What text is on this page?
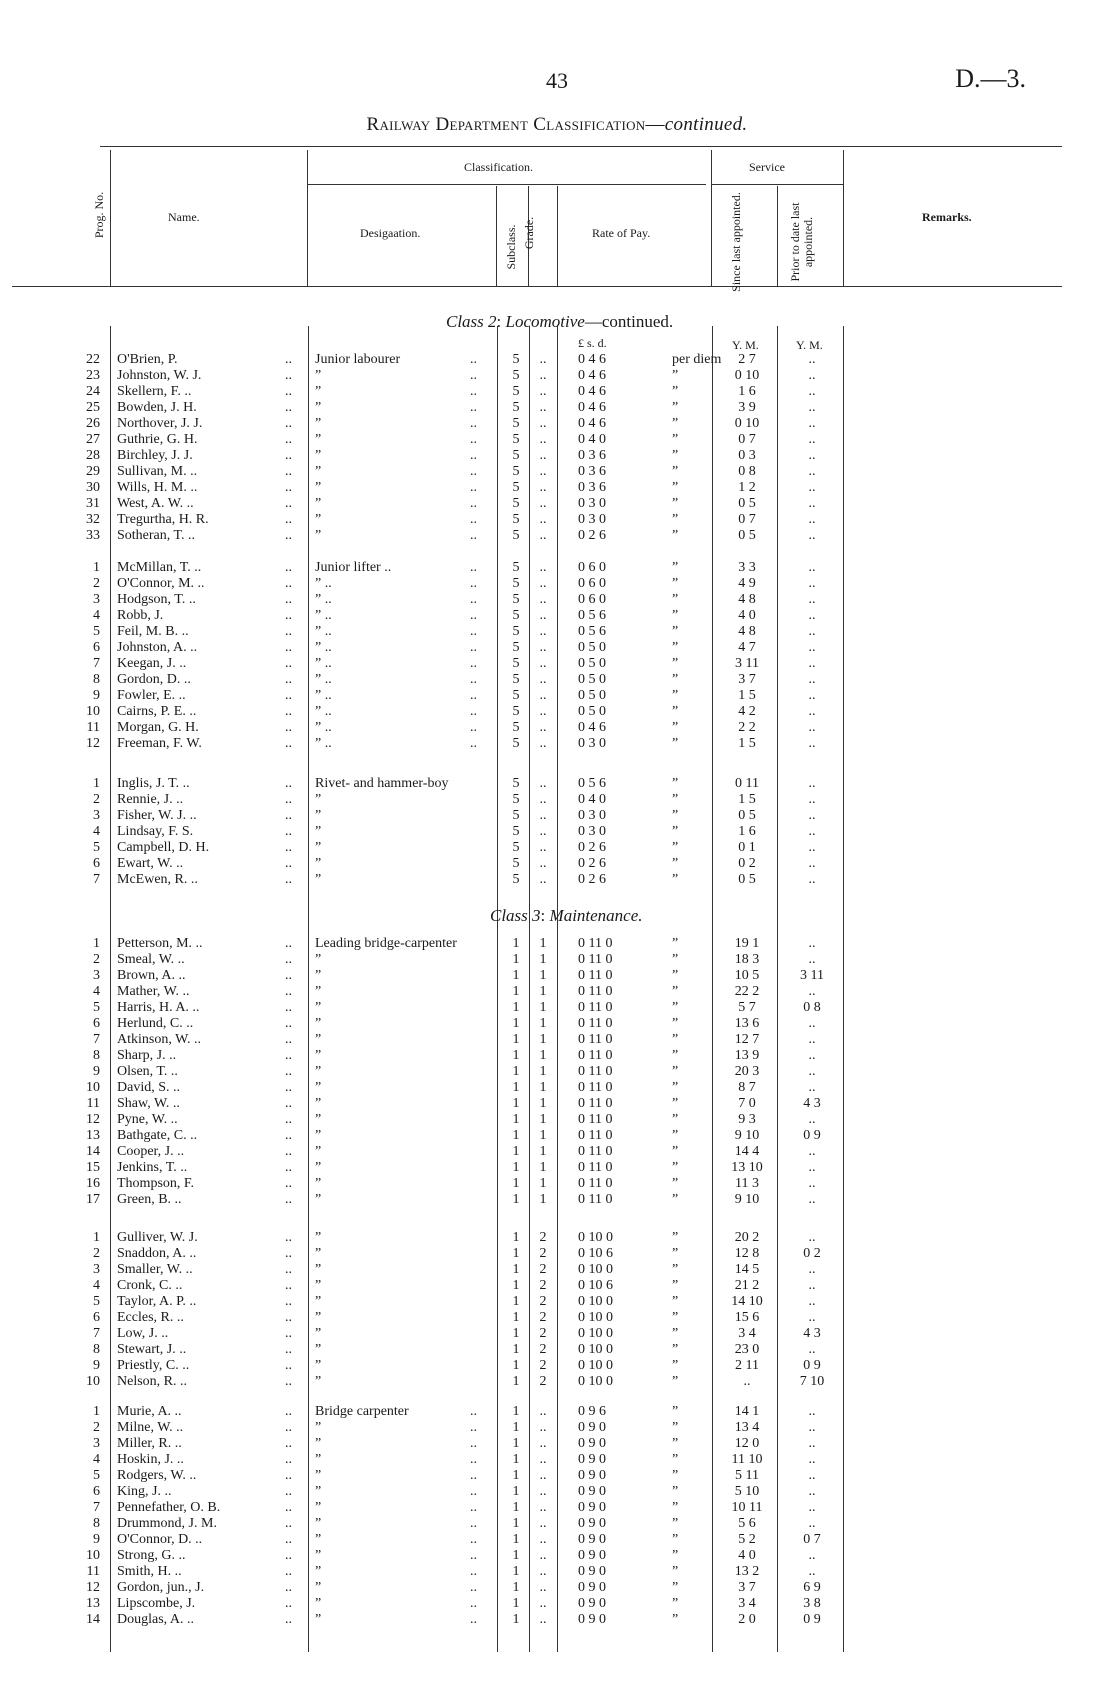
43	D.—3.
Railway Department Classification—continued.
Prog. No.	Name.
Classification.
Desigaation.	Subclass. Grade.	Rate of Pay.
Service
Since last appointed.	Prior to date last appointed.	Remarks.
Class 2: Locomotive—continued.
Class 3: Maintenance.
£ s. d.	Y. M.	Y. M.
22 O'Brien, P.	.. Junior labourer	..	5	..	0 4 6	per diem	2 7	..
23 Johnston, W. J.	.. ”	..	5	..	0 4 6	”	0 10	..
24 Skellern, F. ..	.. ”	..	5	..	0 4 6	”	1 6	..
25 Bowden, J. H.	.. ”	..	5	..	0 4 6	”	3 9	..
26 Northover, J. J.	.. ”	..	5	..	0 4 6	”	0 10	..
27 Guthrie, G. H.	.. ”	..	5	..	0 4 0	”	0 7	..
28 Birchley, J. J.	.. ”	..	5	..	0 3 6	”	0 3	..
29 Sullivan, M. ..	.. ”	..	5	..	0 3 6	”	0 8	..
30 Wills, H. M. ..	.. ”	..	5	..	0 3 6	”	1 2	..
31 West, A. W. ..	.. ”	..	5	..	0 3 0	”	0 5	..
32 Tregurtha, H. R.	.. ”	..	5	..	0 3 0	”	0 7	..
33 Sotheran, T. ..	.. ”	..	5	..	0 2 6	”	0 5	..
1 McMillan, T. ..	.. Junior lifter ..	..	5	..	0 6 0	”	3 3	..
2 O'Connor, M. ..	.. ” ..	..	5	..	0 6 0	”	4 9	..
3 Hodgson, T. ..	.. ” ..	..	5	..	0 6 0	”	4 8	..
4 Robb, J.	.. ” ..	..	5	..	0 5 6	”	4 0	..
5 Feil, M. B. ..	.. ” ..	..	5	..	0 5 6	”	4 8	..
6 Johnston, A. ..	.. ” ..	..	5	..	0 5 0	”	4 7	..
7 Keegan, J. ..	.. ” ..	..	5	..	0 5 0	”	3 11	..
8 Gordon, D. ..	.. ” ..	..	5	..	0 5 0	”	3 7	..
9 Fowler, E. ..	.. ” ..	..	5	..	0 5 0	”	1 5	..
10 Cairns, P. E. ..	.. ” ..	..	5	..	0 5 0	”	4 2	..
11 Morgan, G. H.	.. ” ..	..	5	..	0 4 6	”	2 2	..
12 Freeman, F. W.	.. ” ..	..	5	..	0 3 0	”	1 5	..
1 Inglis, J. T. ..	.. Rivet- and hammer-boy	5	..	0 5 6	”	0 11	..
2 Rennie, J. ..	.. ”	5	..	0 4 0	”	1 5	..
3 Fisher, W. J. ..	.. ”	5	..	0 3 0	”	0 5	..
4 Lindsay, F. S.	.. ”	5	..	0 3 0	”	1 6	..
5 Campbell, D. H.	.. ”	5	..	0 2 6	”	0 1	..
6 Ewart, W. ..	.. ”	5	..	0 2 6	”	0 2	..
7 McEwen, R. ..	.. ”	5	..	0 2 6	”	0 5	..
1 Petterson, M. ..	.. Leading bridge-carpenter	1	1	0 11 0	”	19 1	..
2 Smeal, W. ..	.. ”	1	1	0 11 0	”	18 3	..
3 Brown, A. ..	.. ”	1	1	0 11 0	”	10 5	3 11
4 Mather, W. ..	.. ”	1	1	0 11 0	”	22 2	..
5 Harris, H. A. ..	.. ”	1	1	0 11 0	”	5 7	0 8
6 Herlund, C. ..	.. ”	1	1	0 11 0	”	13 6	..
7 Atkinson, W. ..	.. ”	1	1	0 11 0	”	12 7	..
8 Sharp, J. ..	.. ”	1	1	0 11 0	”	13 9	..
9 Olsen, T. ..	.. ”	1	1	0 11 0	”	20 3	..
10 David, S. ..	.. ”	1	1	0 11 0	”	8 7	..
11 Shaw, W. ..	.. ”	1	1	0 11 0	”	7 0	4 3
12 Pyne, W. ..	.. ”	1	1	0 11 0	”	9 3	..
13 Bathgate, C. ..	.. ”	1	1	0 11 0	”	9 10	0 9
14 Cooper, J. ..	.. ”	1	1	0 11 0	”	14 4	..
15 Jenkins, T. ..	.. ”	1	1	0 11 0	”	13 10	..
16 Thompson, F.	.. ”	1	1	0 11 0	”	11 3	..
17 Green, B. ..	.. ”	1	1	0 11 0	”	9 10	..
1 Gulliver, W. J.	.. ”	1	2	0 10 0	”	20 2	..
2 Snaddon, A. ..	.. ”	1	2	0 10 6	”	12 8	0 2
3 Smaller, W. ..	.. ”	1	2	0 10 0	”	14 5	..
4 Cronk, C. ..	.. ”	1	2	0 10 6	”	21 2	..
5 Taylor, A. P. ..	.. ”	1	2	0 10 0	”	14 10	..
6 Eccles, R. ..	.. ”	1	2	0 10 0	”	15 6	..
7 Low, J. ..	.. ”	1	2	0 10 0	”	3 4	4 3
8 Stewart, J. ..	.. ”	1	2	0 10 0	”	23 0	..
9 Priestly, C. ..	.. ”	1	2	0 10 0	”	2 11	0 9
10 Nelson, R. ..	.. ”	1	2	0 10 0	”	..	7 10
1 Murie, A. ..	.. Bridge carpenter	..	1	..	0 9 6	”	14 1	..
2 Milne, W. ..	.. ”	..	1	..	0 9 0	”	13 4	..
3 Miller, R. ..	.. ”	..	1	..	0 9 0	”	12 0	..
4 Hoskin, J. ..	.. ”	..	1	..	0 9 0	”	11 10	..
5 Rodgers, W. ..	.. ”	..	1	..	0 9 0	”	5 11	..
6 King, J. ..	.. ”	..	1	..	0 9 0	”	5 10	..
7 Pennefather, O. B.	.. ”	..	1	..	0 9 0	”	10 11	..
8 Drummond, J. M.	.. ”	..	1	..	0 9 0	”	5 6	..
9 O'Connor, D. ..	.. ”	..	1	..	0 9 0	”	5 2	0 7
10 Strong, G. ..	.. ”	..	1	..	0 9 0	”	4 0	..
11 Smith, H. ..	.. ”	..	1	..	0 9 0	”	13 2	..
12 Gordon, jun., J.	.. ”	..	1	..	0 9 0	”	3 7	6 9
13 Lipscombe, J.	.. ”	..	1	..	0 9 0	”	3 4	3 8
14 Douglas, A. ..	.. ”	..	1	..	0 9 0	”	2 0	0 9
